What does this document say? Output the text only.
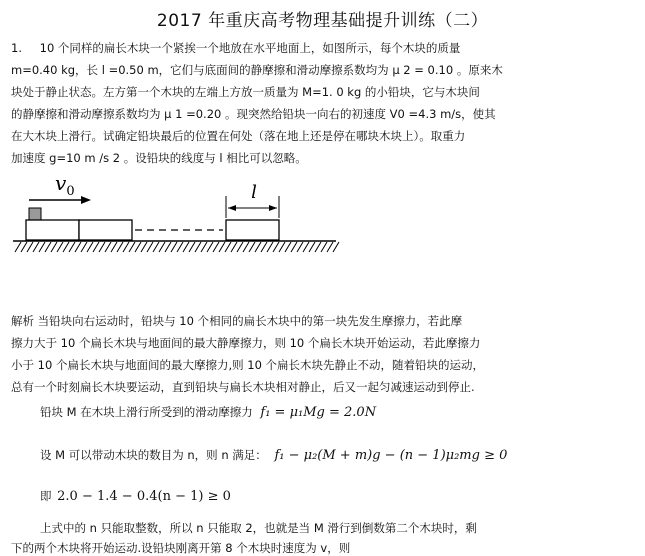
2017 年重庆高考物理基础提升训练（二）
1. 10 个同样的扁长木块一个紧挨一个地放在水平地面上，如图所示，每个木块的质量
m=0.40 kg，长 l =0.50 m，它们与底面间的静摩擦和滑动摩擦系数均为 μ 2 = 0.10 。原来木
块处于静止状态。左方第一个木块的左端上方放一质量为 M=1. 0 kg 的小铅块，它与木块间
的静摩擦和滑动摩擦系数均为 μ 1 =0.20 。现突然给铅块一向右的初速度 V0 =4.3 m/s，使其
在大木块上滑行。试确定铅块最后的位置在何处（落在地上还是停在哪块木块上）。取重力
加速度 g=10 m /s 2 。设铅块的线度与 l 相比可以忽略。
$v_0$	l
解析 当铅块向右运动时，铅块与 10 个相同的扁长木块中的第一块先发生摩擦力，若此摩
擦力大于 10 个扁长木块与地面间的最大静摩擦力，则 10 个扁长木块开始运动，若此摩擦力
小于 10 个扁长木块与地面间的最大摩擦力,则 10 个扁长木块先静止不动，随着铅块的运动，
总有一个时刻扁长木块要运动，直到铅块与扁长木块相对静止，后又一起匀减速运动到停止.
铅块 M 在木块上滑行所受到的滑动摩擦力 f₁ = μ₁Mg = 2.0N
设 M 可以带动木块的数目为 n，则 n 满足： f₁ − μ₂(M + m)g − (n − 1)μ₂mg ≥ 0
即 2.0 − 1.4 − 0.4(n − 1) ≥ 0
上式中的 n 只能取整数，所以 n 只能取 2，也就是当 M 滑行到倒数第二个木块时，剩
下的两个木块将开始运动.设铅块刚离开第 8 个木块时速度为 v，则
